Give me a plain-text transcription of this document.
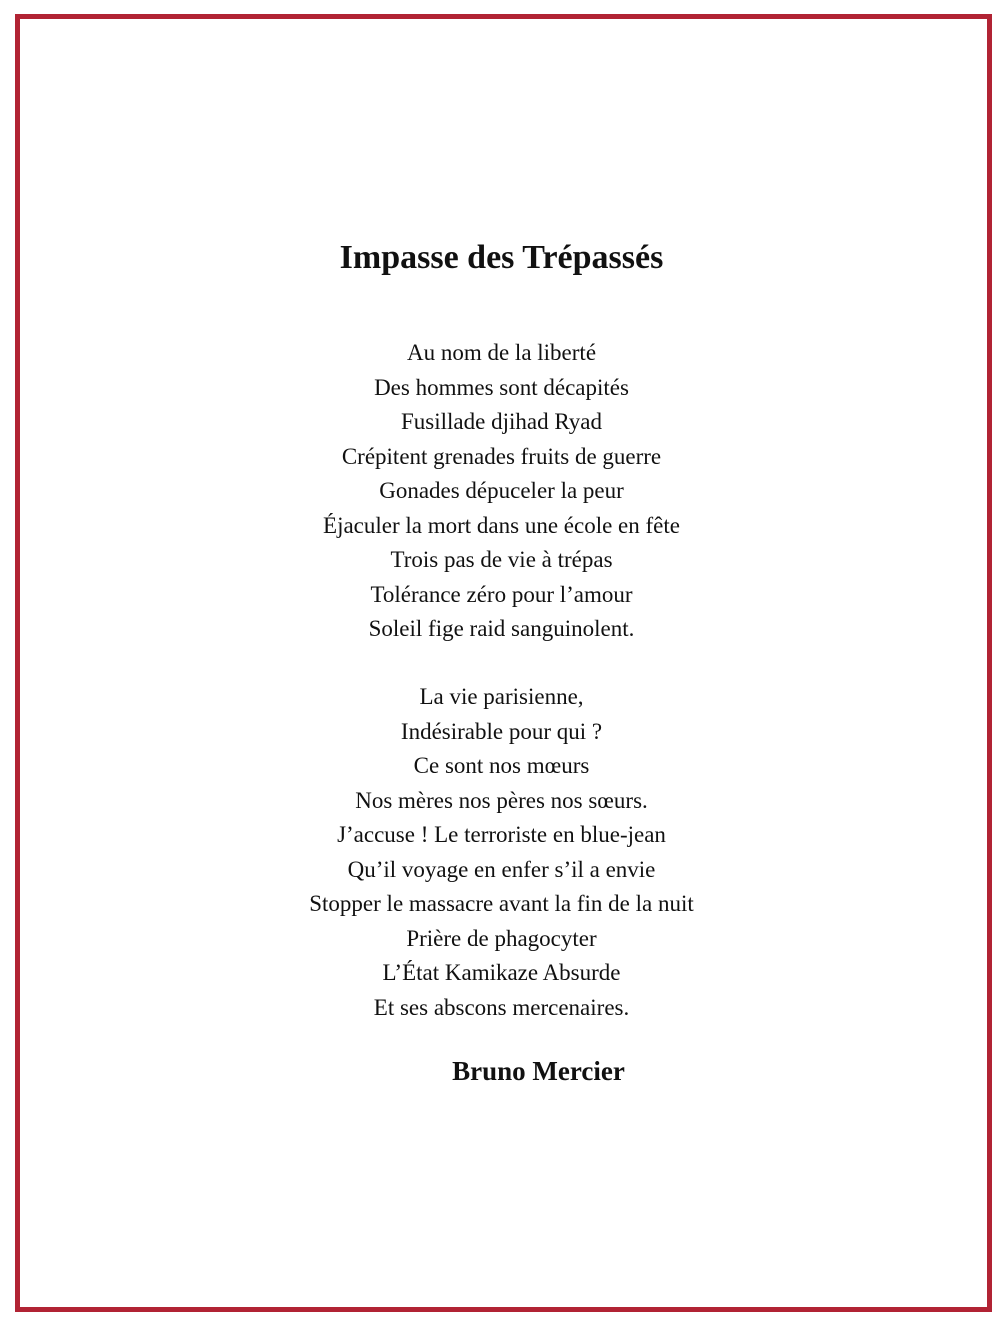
Impasse des Trépassés
Au nom de la liberté
Des hommes sont décapités
Fusillade djihad Ryad
Crépitent grenades fruits de guerre
Gonades dépuceler la peur
Éjaculer la mort dans une école en fête
Trois pas de vie à trépas
Tolérance zéro pour l’amour
Soleil fige raid sanguinolent.
La vie parisienne,
Indésirable pour qui ?
Ce sont nos mœurs
Nos mères nos pères nos sœurs.
J’accuse ! Le terroriste en blue-jean
Qu’il voyage en enfer s’il a envie
Stopper le massacre avant la fin de la nuit
Prière de phagocyter
L’État Kamikaze Absurde
Et ses abscons mercenaires.

Bruno Mercier
